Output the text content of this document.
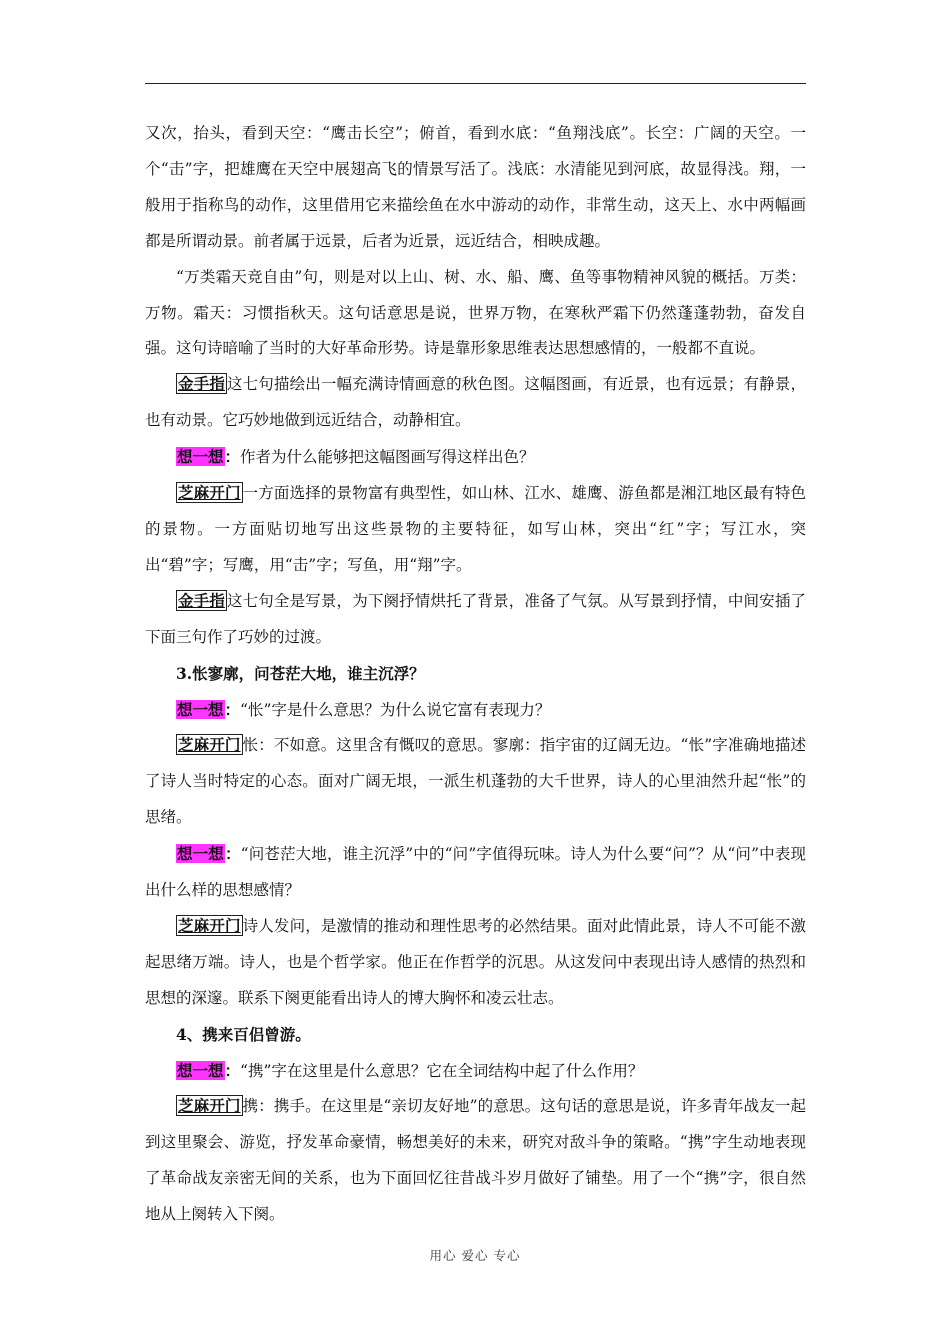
又次，抬头，看到天空：“鹰击长空”；俯首，看到水底：“鱼翔浅底”。长空：广阔的天空。一个“击”字，把雄鹰在天空中展翅高飞的情景写活了。浅底：水清能见到河底，故显得浅。翔，一般用于指称鸟的动作，这里借用它来描绘鱼在水中游动的动作，非常生动，这天上、水中两幅画都是所谓动景。前者属于远景，后者为近景，远近结合，相映成趣。

“万类霜天竞自由”句，则是对以上山、树、水、船、鹰、鱼等事物精神风貌的概括。万类：万物。霜天：习惯指秋天。这句话意思是说，世界万物，在寒秋严霜下仍然蓬蓬勃勃，奋发自强。这句诗暗喻了当时的大好革命形势。诗是靠形象思维表达思想感情的，一般都不直说。

金手指 这七句描绘出一幅充满诗情画意的秋色图。这幅图画，有近景，也有远景；有静景，也有动景。它巧妙地做到远近结合，动静相宜。

想一想：作者为什么能够把这幅图画写得这样出色？

芝麻开门 一方面选择的景物富有典型性，如山林、江水、雄鹰、游鱼都是湘江地区最有特色的景物。一方面贴切地写出这些景物的主要特征，如写山林，突出“红”字；写江水，突出“碧”字；写鹰，用“击”字；写鱼，用“翔”字。

金手指 这七句全是写景，为下阕抒情烘托了背景，准备了气氛。从写景到抒情，中间安插了下面三句作了巧妙的过渡。

3.怅寥廓，问苍茫大地，谁主沉浮？

想一想：“怅”字是什么意思？为什么说它富有表现力？

芝麻开门 怅：不如意。这里含有慨叹的意思。寥廓：指宇宙的辽阔无边。“怅”字准确地描述了诗人当时特定的心态。面对广阔无垠，一派生机蓬勃的大千世界，诗人的心里油然升起“怅”的思绪。

想一想：“问苍茫大地，谁主沉浮”中的“问”字值得玩味。诗人为什么要“问”？从“问”中表现出什么样的思想感情？

芝麻开门 诗人发问，是激情的推动和理性思考的必然结果。面对此情此景，诗人不可能不激起思绪万端。诗人，也是个哲学家。他正在作哲学的沉思。从这发问中表现出诗人感情的热烈和思想的深邃。联系下阕更能看出诗人的博大胸怀和凌云壮志。

4、携来百侣曾游。

想一想：“携”字在这里是什么意思？它在全词结构中起了什么作用？

芝麻开门 携：携手。在这里是“亲切友好地”的意思。这句话的意思是说，许多青年战友一起到这里聚会、游览，抒发革命豪情，畅想美好的未来，研究对敌斗争的策略。“携”字生动地表现了革命战友亲密无间的关系，也为下面回忆往昔战斗岁月做好了铺垫。用了一个“携”字，很自然地从上阕转入下阕。

用心 爱心 专心
